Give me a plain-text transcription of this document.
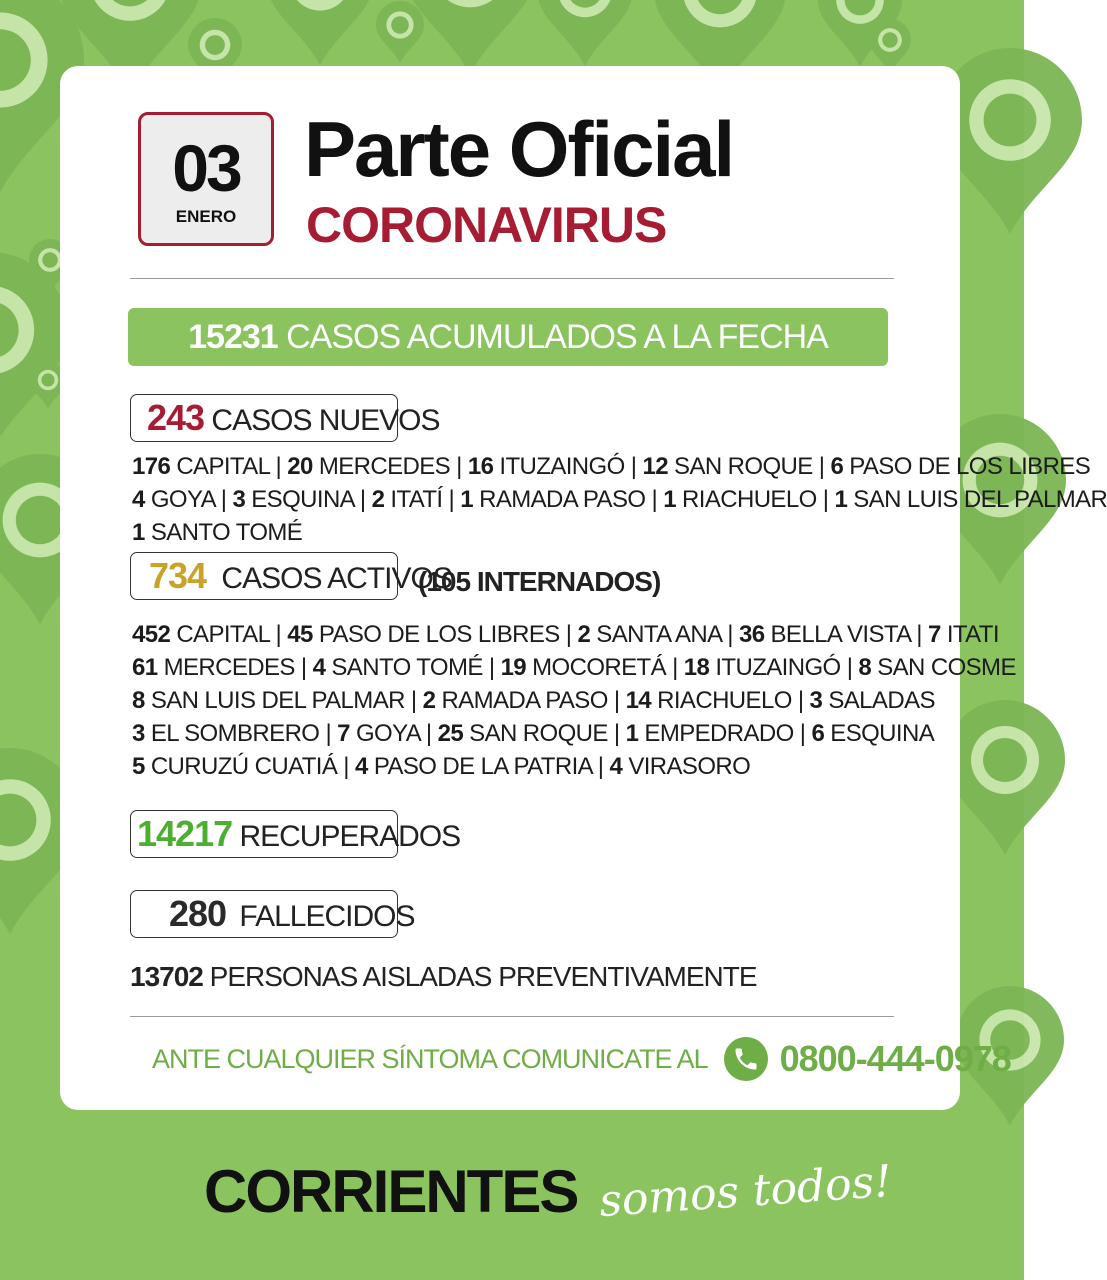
03
ENERO
Parte Oficial
CORONAVIRUS
15231 CASOS ACUMULADOS A LA FECHA
243 CASOS NUEVOS
176 CAPITAL | 20 MERCEDES | 16 ITUZAINGÓ | 12 SAN ROQUE | 6 PASO DE LOS LIBRES
4 GOYA | 3 ESQUINA | 2 ITATÍ | 1 RAMADA PASO | 1 RIACHUELO | 1 SAN LUIS DEL PALMAR
1 SANTO TOMÉ
734 CASOS ACTIVOS
(105 INTERNADOS)
452 CAPITAL | 45 PASO DE LOS LIBRES | 2 SANTA ANA | 36 BELLA VISTA | 7 ITATI
61 MERCEDES | 4 SANTO TOMÉ | 19 MOCORETÁ | 18 ITUZAINGÓ | 8 SAN COSME
8 SAN LUIS DEL PALMAR | 2 RAMADA PASO | 14 RIACHUELO | 3 SALADAS
3 EL SOMBRERO | 7 GOYA | 25 SAN ROQUE | 1 EMPEDRADO | 6 ESQUINA
5 CURUZÚ CUATIÁ | 4 PASO DE LA PATRIA | 4 VIRASORO
14217 RECUPERADOS
280 FALLECIDOS
13702 PERSONAS AISLADAS PREVENTIVAMENTE
ANTE CUALQUIER SÍNTOMA COMUNICATE AL 0800-444-0978
CORRIENTES somos todos!
